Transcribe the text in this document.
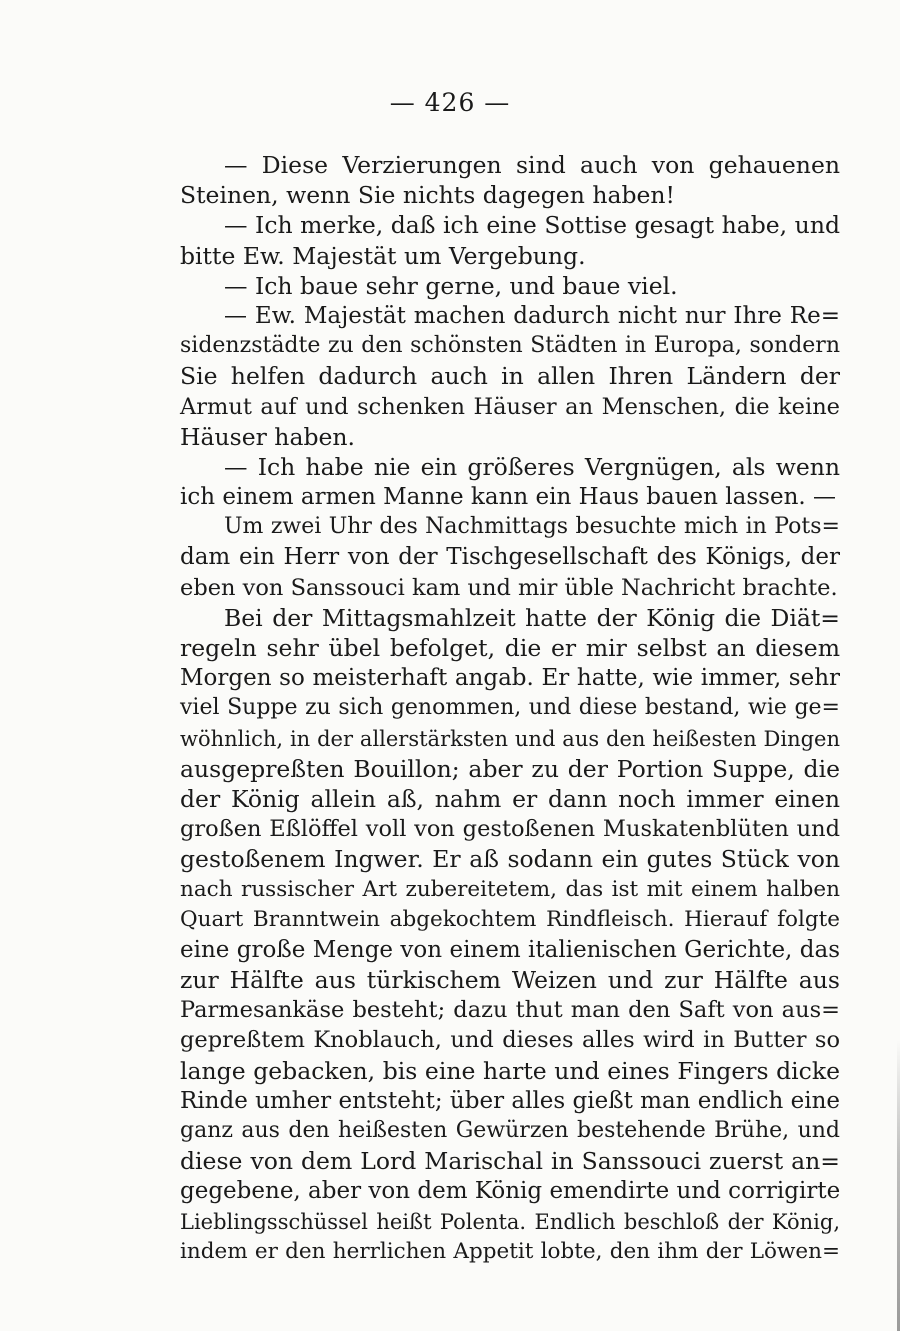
— 426 —
— Diese Verzierungen sind auch von gehauenen
Steinen, wenn Sie nichts dagegen haben!
— Ich merke, daß ich eine Sottise gesagt habe, und
bitte Ew. Majestät um Vergebung.
— Ich baue sehr gerne, und baue viel.
— Ew. Majestät machen dadurch nicht nur Ihre Re=
sidenzstädte zu den schönsten Städten in Europa, sondern
Sie helfen dadurch auch in allen Ihren Ländern der
Armut auf und schenken Häuser an Menschen, die keine
Häuser haben.
— Ich habe nie ein größeres Vergnügen, als wenn
ich einem armen Manne kann ein Haus bauen lassen. —
Um zwei Uhr des Nachmittags besuchte mich in Pots=
dam ein Herr von der Tischgesellschaft des Königs, der
eben von Sanssouci kam und mir üble Nachricht brachte.
Bei der Mittagsmahlzeit hatte der König die Diät=
regeln sehr übel befolget, die er mir selbst an diesem
Morgen so meisterhaft angab. Er hatte, wie immer, sehr
viel Suppe zu sich genommen, und diese bestand, wie ge=
wöhnlich, in der allerstärksten und aus den heißesten Dingen
ausgepreßten Bouillon; aber zu der Portion Suppe, die
der König allein aß, nahm er dann noch immer einen
großen Eßlöffel voll von gestoßenen Muskatenblüten und
gestoßenem Ingwer. Er aß sodann ein gutes Stück von
nach russischer Art zubereitetem, das ist mit einem halben
Quart Branntwein abgekochtem Rindfleisch. Hierauf folgte
eine große Menge von einem italienischen Gerichte, das
zur Hälfte aus türkischem Weizen und zur Hälfte aus
Parmesankäse besteht; dazu thut man den Saft von aus=
gepreßtem Knoblauch, und dieses alles wird in Butter so
lange gebacken, bis eine harte und eines Fingers dicke
Rinde umher entsteht; über alles gießt man endlich eine
ganz aus den heißesten Gewürzen bestehende Brühe, und
diese von dem Lord Marischal in Sanssouci zuerst an=
gegebene, aber von dem König emendirte und corrigirte
Lieblingsschüssel heißt Polenta. Endlich beschloß der König,
indem er den herrlichen Appetit lobte, den ihm der Löwen=
